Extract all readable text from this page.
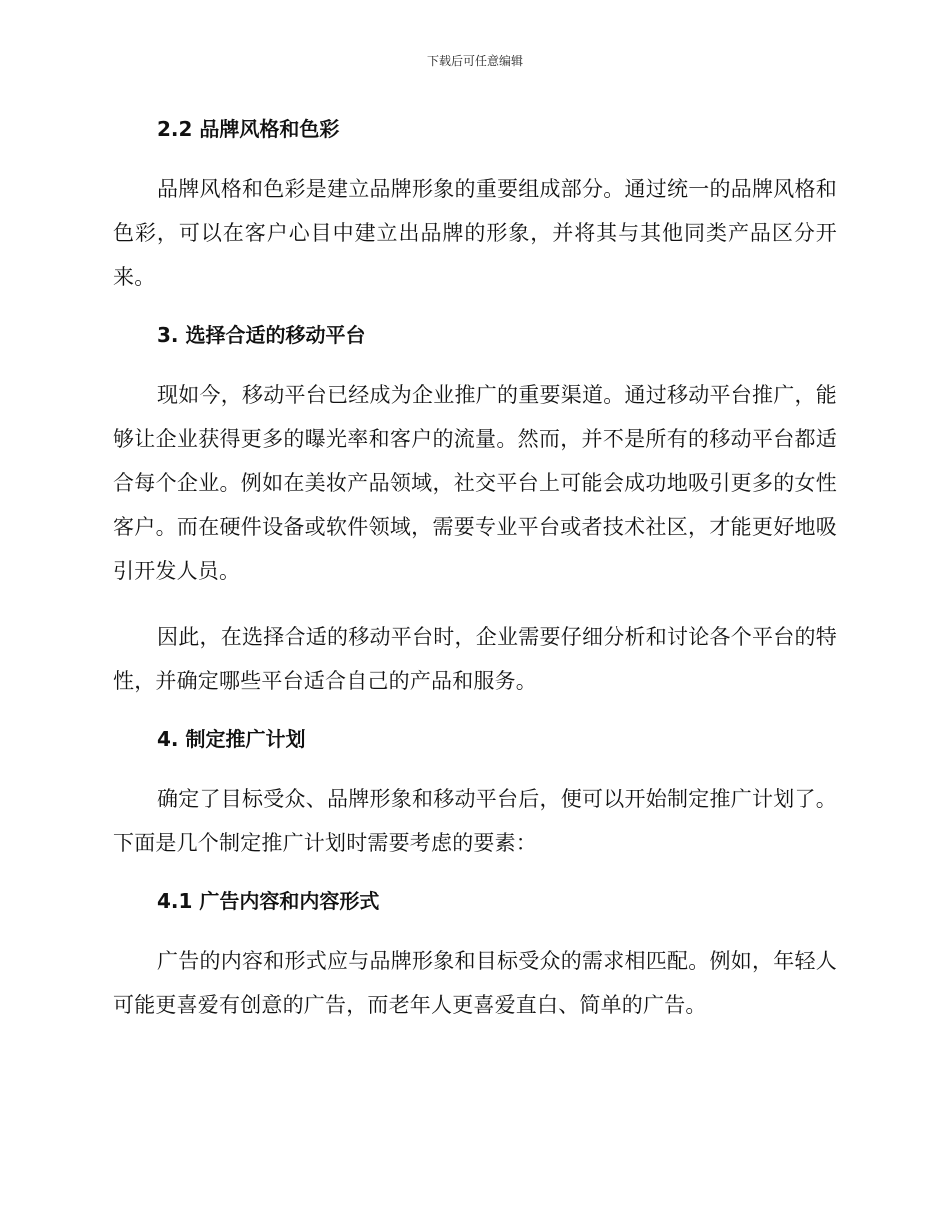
下载后可任意编辑
2.2 品牌风格和色彩

品牌风格和色彩是建立品牌形象的重要组成部分。通过统一的品牌风格和色彩，可以在客户心目中建立出品牌的形象，并将其与其他同类产品区分开来。

3. 选择合适的移动平台

现如今，移动平台已经成为企业推广的重要渠道。通过移动平台推广，能够让企业获得更多的曝光率和客户的流量。然而，并不是所有的移动平台都适合每个企业。例如在美妆产品领域，社交平台上可能会成功地吸引更多的女性客户。而在硬件设备或软件领域，需要专业平台或者技术社区，才能更好地吸引开发人员。

因此，在选择合适的移动平台时，企业需要仔细分析和讨论各个平台的特性，并确定哪些平台适合自己的产品和服务。

4. 制定推广计划

确定了目标受众、品牌形象和移动平台后，便可以开始制定推广计划了。下面是几个制定推广计划时需要考虑的要素：

4.1 广告内容和内容形式

广告的内容和形式应与品牌形象和目标受众的需求相匹配。例如，年轻人可能更喜爱有创意的广告，而老年人更喜爱直白、简单的广告。
